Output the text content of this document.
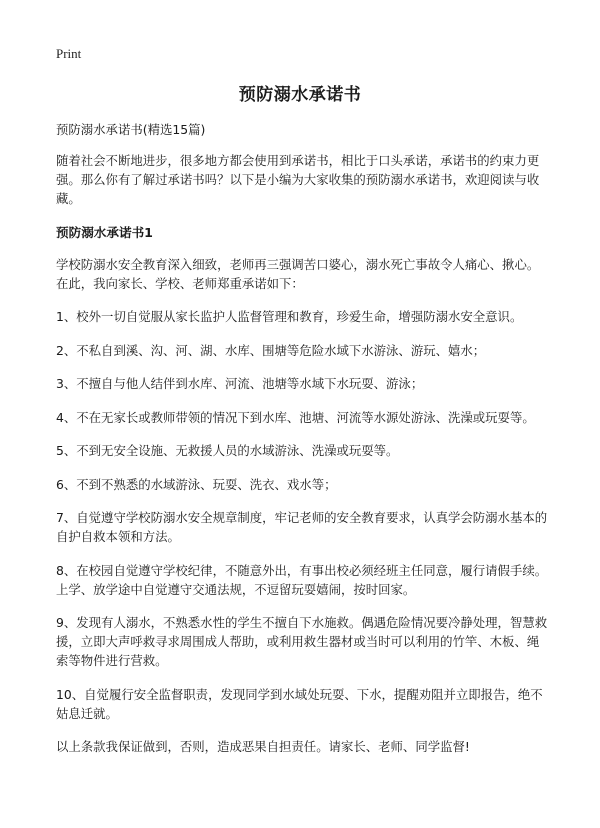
Print
预防溺水承诺书

预防溺水承诺书(精选15篇)

随着社会不断地进步，很多地方都会使用到承诺书，相比于口头承诺，承诺书的约束力更强。那么你有了解过承诺书吗？以下是小编为大家收集的预防溺水承诺书，欢迎阅读与收藏。

预防溺水承诺书1

学校防溺水安全教育深入细致，老师再三强调苦口婆心，溺水死亡事故令人痛心、揪心。在此，我向家长、学校、老师郑重承诺如下：

1、校外一切自觉服从家长监护人监督管理和教育，珍爱生命，增强防溺水安全意识。

2、不私自到溪、沟、河、湖、水库、围塘等危险水域下水游泳、游玩、嬉水；

3、不擅自与他人结伴到水库、河流、池塘等水域下水玩耍、游泳；

4、不在无家长或教师带领的情况下到水库、池塘、河流等水源处游泳、洗澡或玩耍等。

5、不到无安全设施、无救援人员的水域游泳、洗澡或玩耍等。

6、不到不熟悉的水域游泳、玩耍、洗衣、戏水等；

7、自觉遵守学校防溺水安全规章制度，牢记老师的安全教育要求，认真学会防溺水基本的自护自救本领和方法。

8、在校园自觉遵守学校纪律，不随意外出，有事出校必须经班主任同意，履行请假手续。上学、放学途中自觉遵守交通法规，不逗留玩耍嬉闹，按时回家。

9、发现有人溺水，不熟悉水性的学生不擅自下水施救。偶遇危险情况要冷静处理，智慧救援，立即大声呼救寻求周围成人帮助，或利用救生器材或当时可以利用的竹竿、木板、绳索等物件进行营救。

10、自觉履行安全监督职责，发现同学到水域处玩耍、下水，提醒劝阻并立即报告，绝不姑息迁就。

以上条款我保证做到，否则，造成恶果自担责任。请家长、老师、同学监督!
